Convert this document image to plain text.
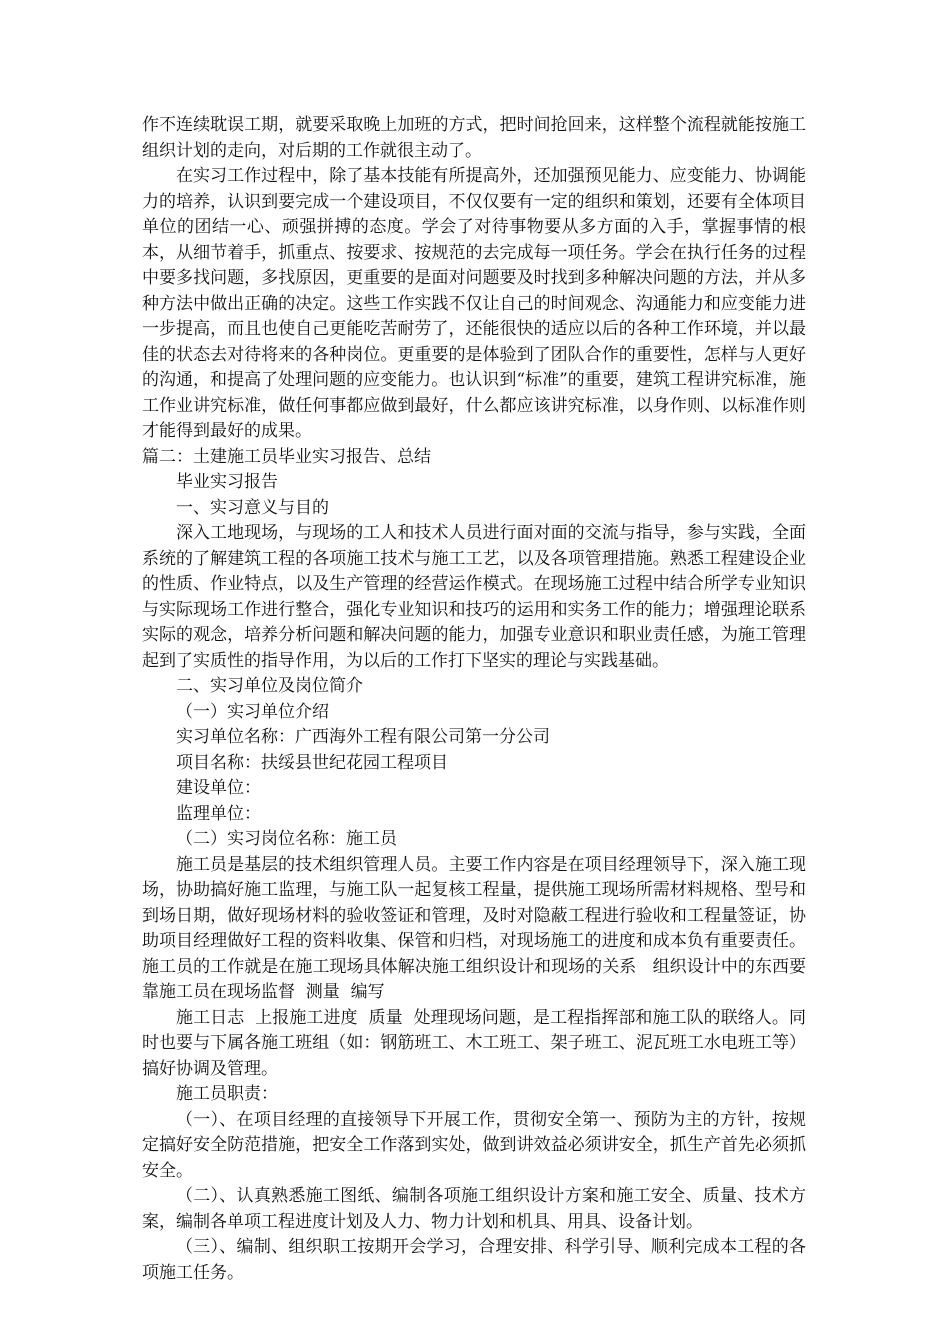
作不连续耽误工期，就要采取晚上加班的方式，把时间抢回来，这样整个流程就能按施工组织计划的走向，对后期的工作就很主动了。

在实习工作过程中，除了基本技能有所提高外，还加强预见能力、应变能力、协调能力的培养，认识到要完成一个建设项目，不仅仅要有一定的组织和策划，还要有全体项目单位的团结一心、顽强拼搏的态度。学会了对待事物要从多方面的入手，掌握事情的根本，从细节着手，抓重点、按要求、按规范的去完成每一项任务。学会在执行任务的过程中要多找问题，多找原因，更重要的是面对问题要及时找到多种解决问题的方法，并从多种方法中做出正确的决定。这些工作实践不仅让自己的时间观念、沟通能力和应变能力进一步提高，而且也使自己更能吃苦耐劳了，还能很快的适应以后的各种工作环境，并以最佳的状态去对待将来的各种岗位。更重要的是体验到了团队合作的重要性，怎样与人更好的沟通，和提高了处理问题的应变能力。也认识到“标准”的重要，建筑工程讲究标准，施工作业讲究标准，做任何事都应做到最好，什么都应该讲究标准，以身作则、以标准作则才能得到最好的成果。

篇二：土建施工员毕业实习报告、总结

毕业实习报告

一、实习意义与目的

深入工地现场，与现场的工人和技术人员进行面对面的交流与指导，参与实践，全面系统的了解建筑工程的各项施工技术与施工工艺，以及各项管理措施。熟悉工程建设企业的性质、作业特点，以及生产管理的经营运作模式。在现场施工过程中结合所学专业知识与实际现场工作进行整合，强化专业知识和技巧的运用和实务工作的能力；增强理论联系实际的观念，培养分析问题和解决问题的能力，加强专业意识和职业责任感，为施工管理起到了实质性的指导作用，为以后的工作打下坚实的理论与实践基础。

二、实习单位及岗位简介

（一）实习单位介绍

实习单位名称：广西海外工程有限公司第一分公司

项目名称：扶绥县世纪花园工程项目

建设单位：

监理单位：

（二）实习岗位名称：施工员

施工员是基层的技术组织管理人员。主要工作内容是在项目经理领导下，深入施工现场，协助搞好施工监理，与施工队一起复核工程量，提供施工现场所需材料规格、型号和到场日期，做好现场材料的验收签证和管理，及时对隐蔽工程进行验收和工程量签证，协助项目经理做好工程的资料收集、保管和归档，对现场施工的进度和成本负有重要责任。施工员的工作就是在施工现场具体解决施工组织设计和现场的关系   组织设计中的东西要靠施工员在现场监督  测量  编写

施工日志  上报施工进度  质量  处理现场问题，是工程指挥部和施工队的联络人。同时也要与下属各施工班组（如：钢筋班工、木工班工、架子班工、泥瓦班工水电班工等）搞好协调及管理。

施工员职责：

（一）、在项目经理的直接领导下开展工作，贯彻安全第一、预防为主的方针，按规定搞好安全防范措施，把安全工作落到实处，做到讲效益必须讲安全，抓生产首先必须抓安全。

（二）、认真熟悉施工图纸、编制各项施工组织设计方案和施工安全、质量、技术方案，编制各单项工程进度计划及人力、物力计划和机具、用具、设备计划。

（三）、编制、组织职工按期开会学习，合理安排、科学引导、顺利完成本工程的各项施工任务。
